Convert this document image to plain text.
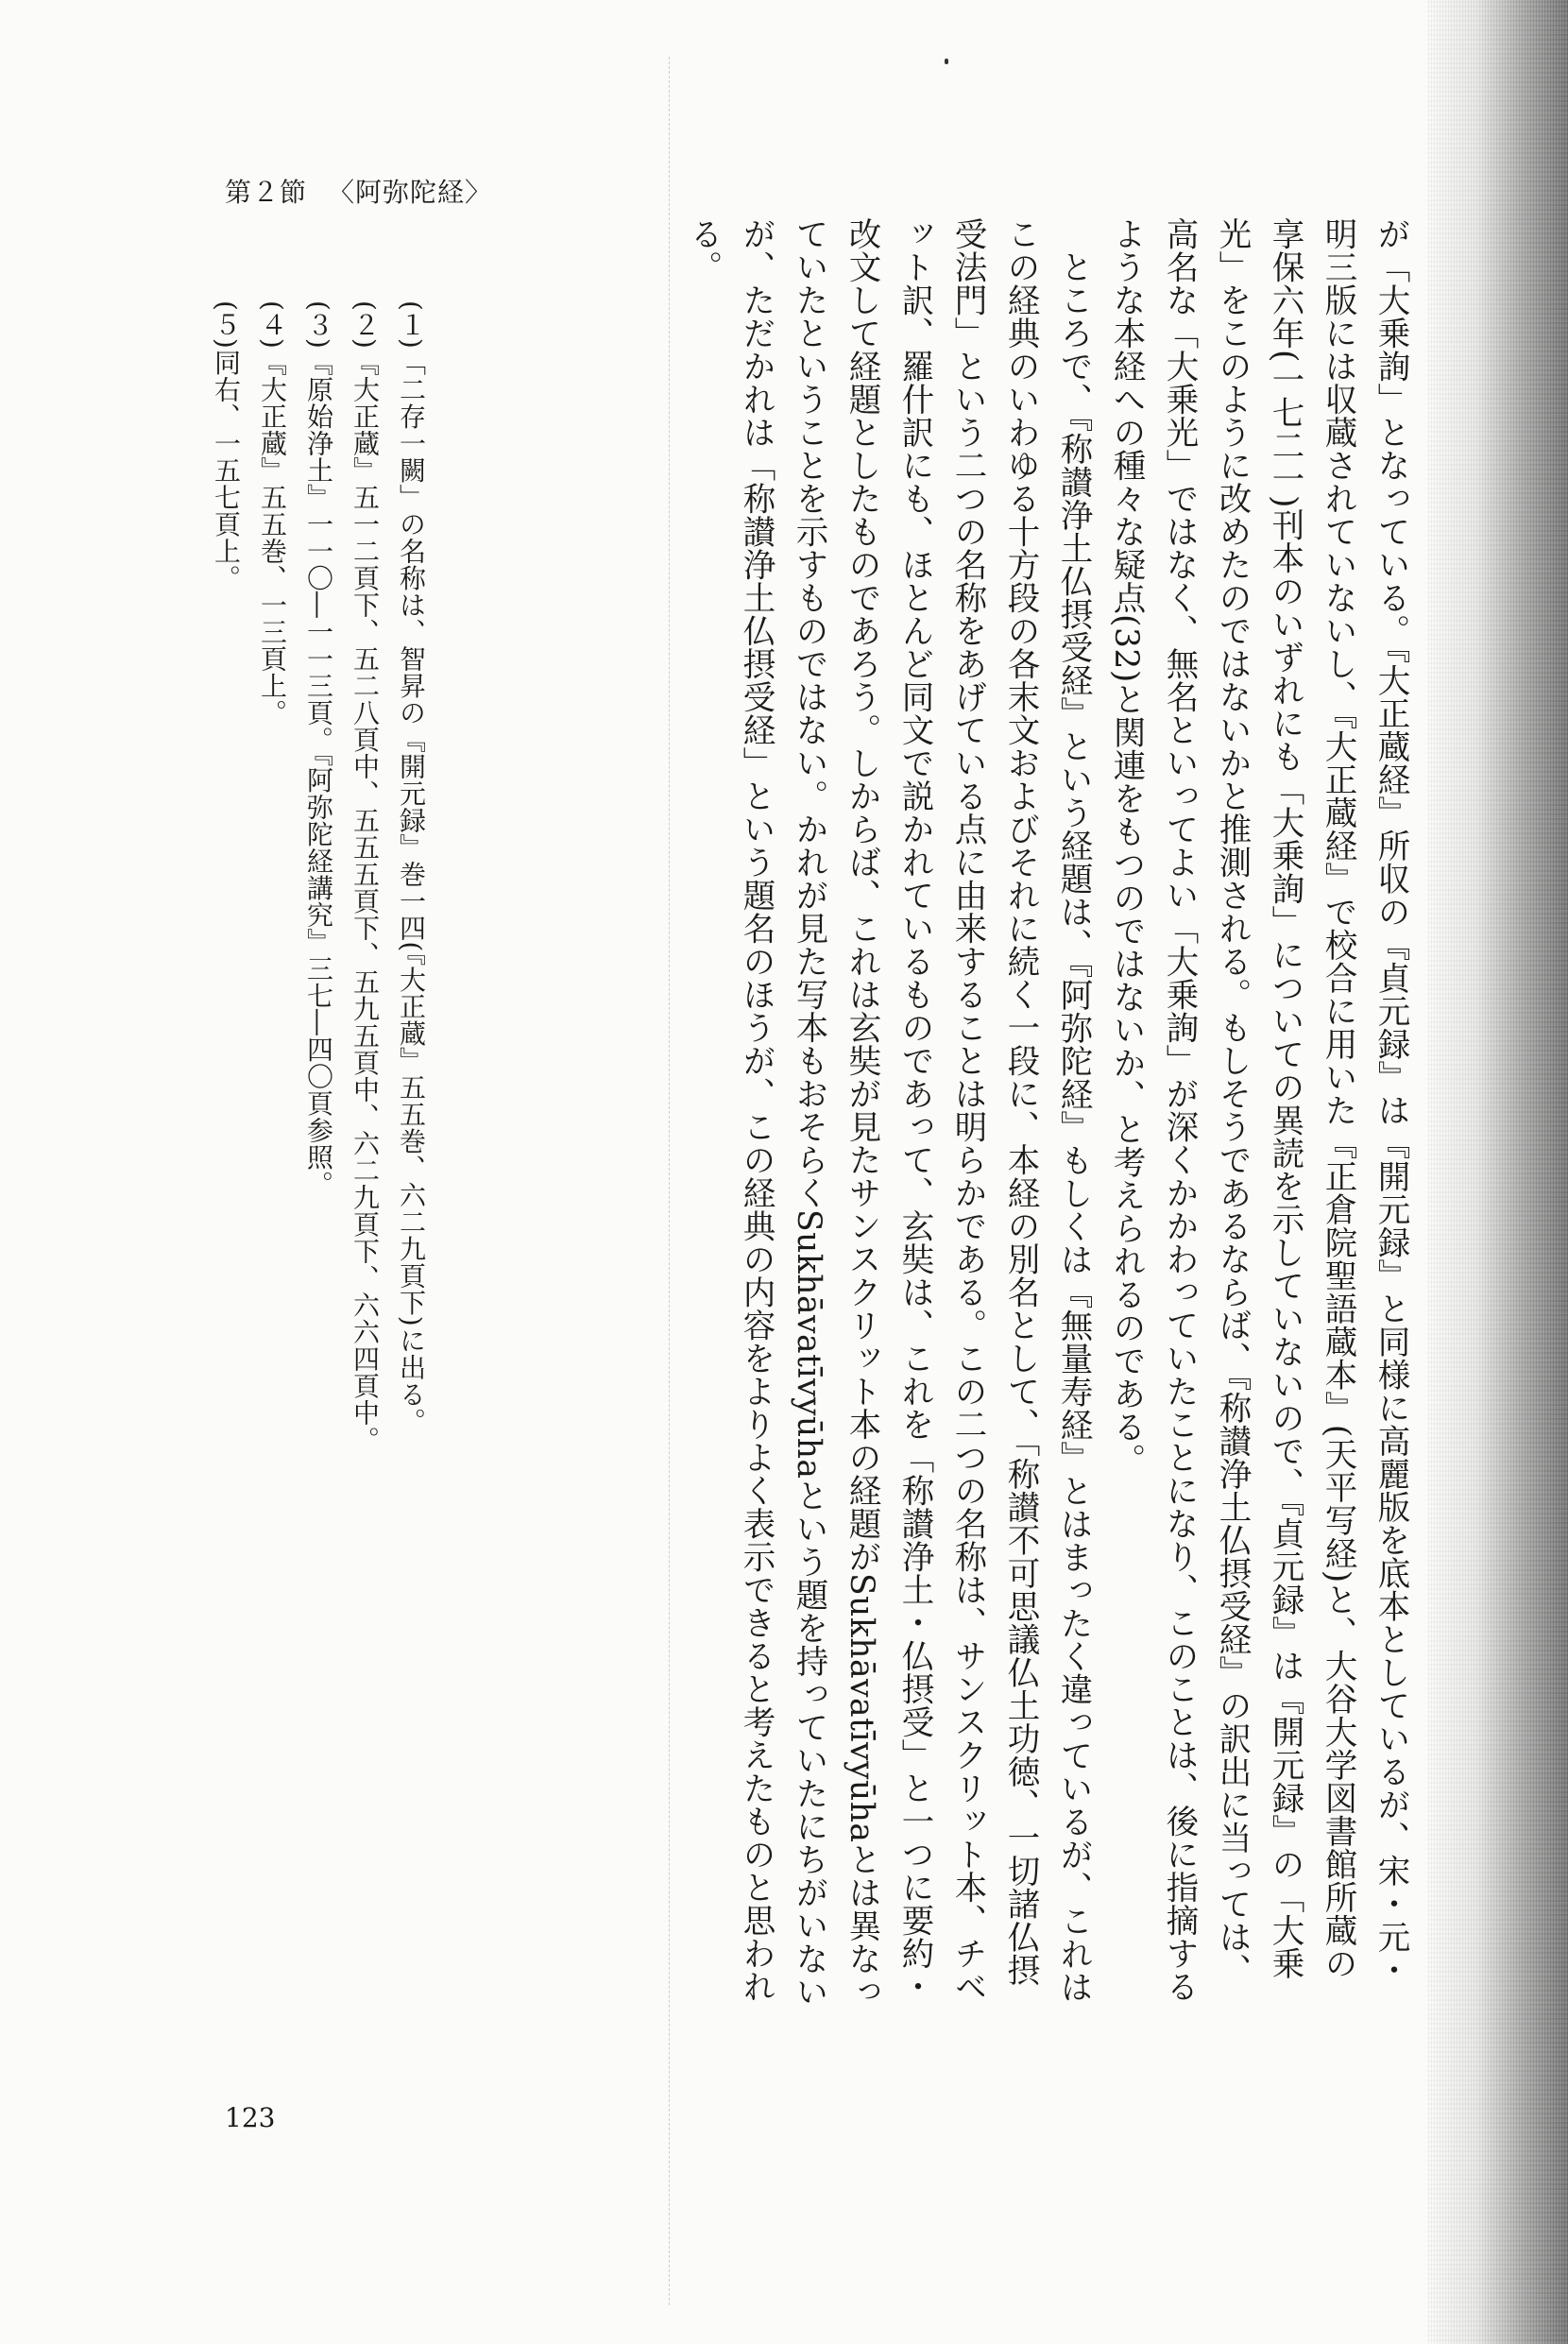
第２節 〈阿弥陀経〉

が「大乗詢」となっている。『大正蔵経』所収の『貞元録』は『開元録』と同様に高麗版を底本としているが、宋・元・明三版には収蔵されていないし、『大正蔵経』で校合に用いた『正倉院聖語蔵本』(天平写経)と、大谷大学図書館所蔵の享保六年(一七二一)刊本のいずれにも「大乗詢」についての異読を示していないので、『貞元録』は『開元録』の「大乗光」をこのように改めたのではないかと推測される。もしそうであるならば、『称讃浄土仏摂受経』の訳出に当っては、高名な「大乗光」ではなく、無名といってよい「大乗詢」が深くかかわっていたことになり、このことは、後に指摘するような本経への種々な疑点(32)と関連をもつのではないか、と考えられるのである。

ところで、『称讃浄土仏摂受経』という経題は、『阿弥陀経』もしくは『無量寿経』とはまったく違っているが、これはこの経典のいわゆる十方段の各末文およびそれに続く一段に、本経の別名として、「称讃不可思議仏土功徳、一切諸仏摂受法門」という二つの名称をあげている点に由来することは明らかである。この二つの名称は、サンスクリット本、チベット訳、羅什訳にも、ほとんど同文で説かれているものであって、玄奘は、これを「称讃浄土・仏摂受」と一つに要約・改文して経題としたものであろう。しからば、これは玄奘が見たサンスクリット本の経題がSukhāvatīvyūhaとは異なっていたということを示すものではない。かれが見た写本もおそらくSukhāvatīvyūhaという題を持っていたにちがいないが、ただかれは「称讃浄土仏摂受経」という題名のほうが、この経典の内容をよりよく表示できると考えたものと思われる。

(１)「二存一闕」の名称は、智昇の『開元録』巻一四(『大正蔵』五五巻、六二九頁下)に出る。

(２)『大正蔵』五一二頁下、五二八頁中、五五五頁下、五九五頁中、六二九頁下、六六四頁中。

(３)『原始浄土』一一〇―一一三頁。『阿弥陀経講究』三七―四〇頁参照。

(４)『大正蔵』五五巻、一三頁上。

(５)同右、一五七頁上。

123
